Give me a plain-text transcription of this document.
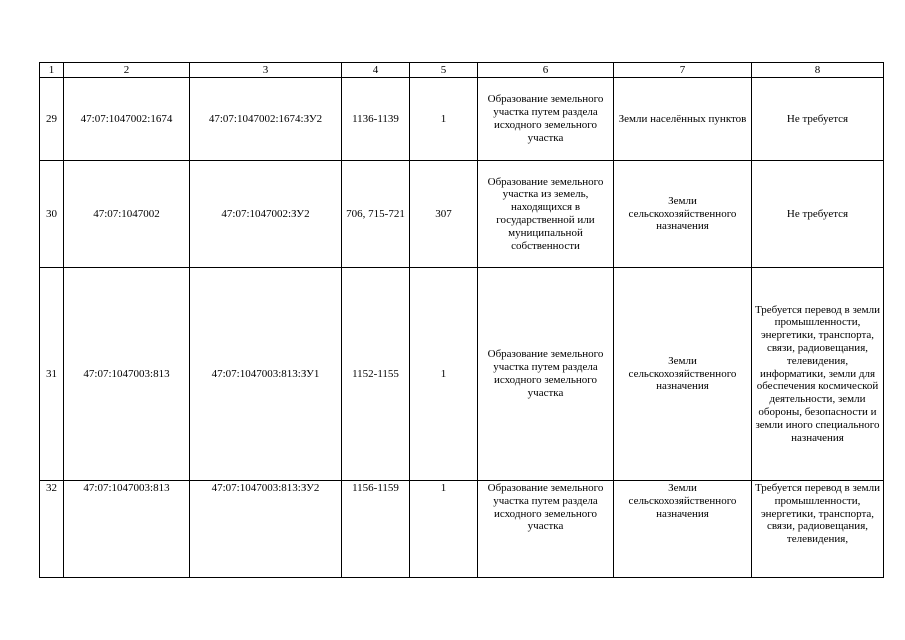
1	2	3	4	5	6	7	8
29	47:07:1047002:1674	47:07:1047002:1674:ЗУ2	1136-1139	1	Образование земельного участка путем раздела исходного земельного участка	Земли населённых пунктов	Не требуется
30	47:07:1047002	47:07:1047002:ЗУ2	706, 715-721	307	Образование земельного участка из земель, находящихся в государственной или муниципальной собственности	Земли сельскохозяйственного назначения	Не требуется
31	47:07:1047003:813	47:07:1047003:813:ЗУ1	1152-1155	1	Образование земельного участка путем раздела исходного земельного участка	Земли сельскохозяйственного назначения	Требуется перевод в земли промышленности, энергетики, транспорта, связи, радиовещания, телевидения, информатики, земли для обеспечения космической деятельности, земли обороны, безопасности и земли иного специального назначения
32	47:07:1047003:813	47:07:1047003:813:ЗУ2	1156-1159	1	Образование земельного участка путем раздела исходного земельного участка	Земли сельскохозяйственного назначения	Требуется перевод в земли промышленности, энергетики, транспорта, связи, радиовещания, телевидения,
